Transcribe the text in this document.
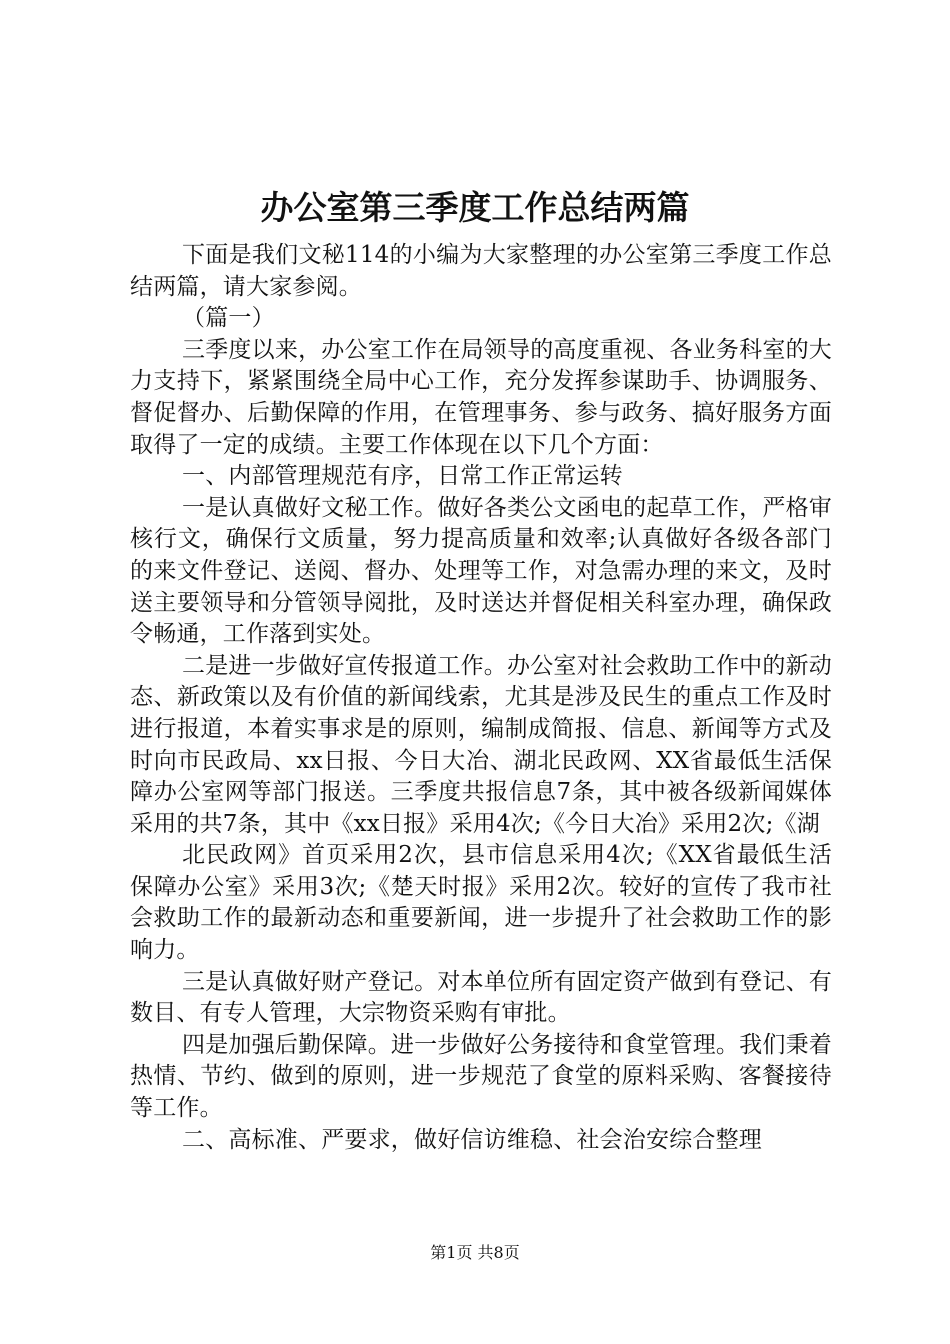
办公室第三季度工作总结两篇

下面是我们文秘114的小编为大家整理的办公室第三季度工作总结两篇，请大家参阅。

（篇一）

三季度以来，办公室工作在局领导的高度重视、各业务科室的大力支持下，紧紧围绕全局中心工作，充分发挥参谋助手、协调服务、督促督办、后勤保障的作用，在管理事务、参与政务、搞好服务方面取得了一定的成绩。主要工作体现在以下几个方面：

一、内部管理规范有序，日常工作正常运转

一是认真做好文秘工作。做好各类公文函电的起草工作，严格审核行文，确保行文质量，努力提高质量和效率;认真做好各级各部门的来文件登记、送阅、督办、处理等工作，对急需办理的来文，及时送主要领导和分管领导阅批，及时送达并督促相关科室办理，确保政令畅通，工作落到实处。

二是进一步做好宣传报道工作。办公室对社会救助工作中的新动态、新政策以及有价值的新闻线索，尤其是涉及民生的重点工作及时进行报道，本着实事求是的原则，编制成简报、信息、新闻等方式及时向市民政局、xx日报、今日大冶、湖北民政网、XX省最低生活保障办公室网等部门报送。三季度共报信息7条，其中被各级新闻媒体采用的共7条，其中《xx日报》采用4次;《今日大冶》采用2次;《湖

北民政网》首页采用2次，县市信息采用4次;《XX省最低生活保障办公室》采用3次;《楚天时报》采用2次。较好的宣传了我市社会救助工作的最新动态和重要新闻，进一步提升了社会救助工作的影响力。

三是认真做好财产登记。对本单位所有固定资产做到有登记、有数目、有专人管理，大宗物资采购有审批。

四是加强后勤保障。进一步做好公务接待和食堂管理。我们秉着热情、节约、做到的原则，进一步规范了食堂的原料采购、客餐接待等工作。

二、高标准、严要求，做好信访维稳、社会治安综合整理

第1页 共8页
